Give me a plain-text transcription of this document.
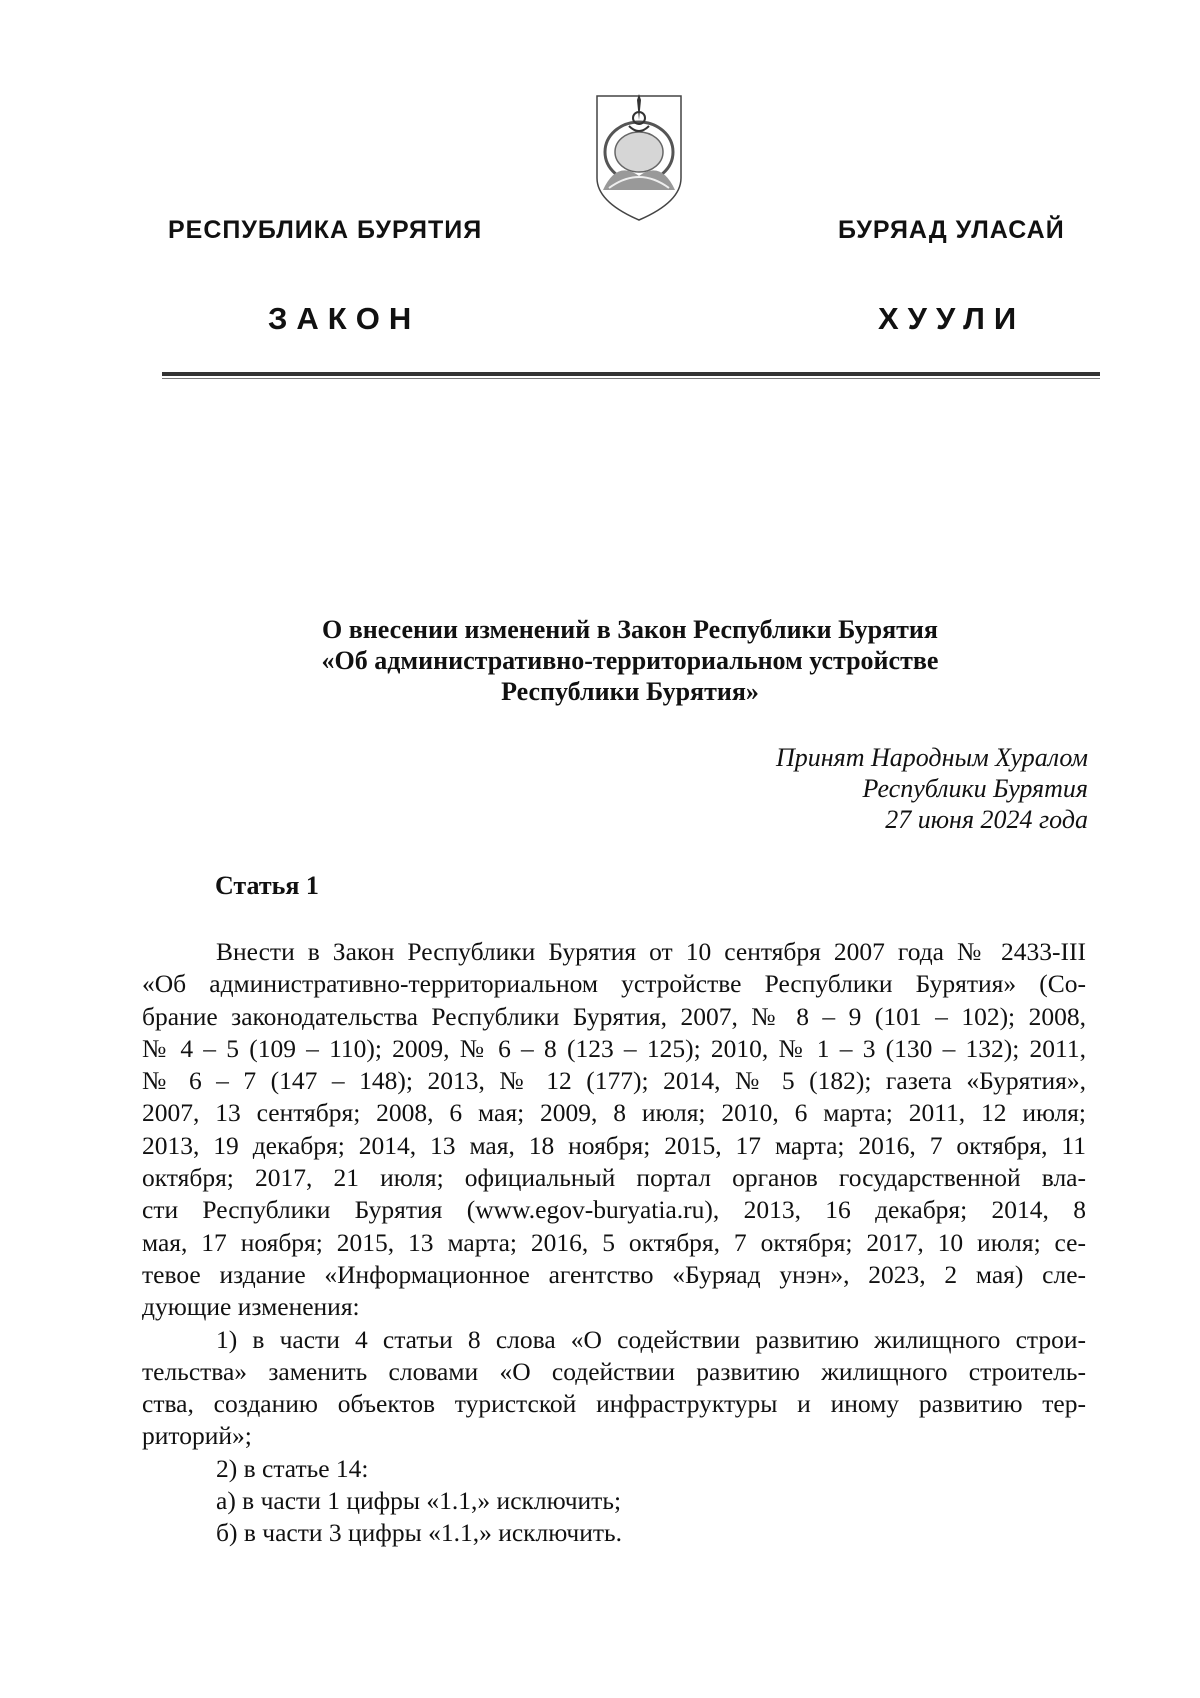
РЕСПУБЛИКА БУРЯТИЯ	БУРЯАД УЛАСАЙ
ЗАКОН	ХУУЛИ
О внесении изменений в Закон Республики Бурятия
«Об административно-территориальном устройстве
Республики Бурятия»
Принят Народным Хуралом
Республики Бурятия
27 июня 2024 года
Статья 1
Внести в Закон Республики Бурятия от 10 сентября 2007 года № 2433-III
«Об административно-территориальном устройстве Республики Бурятия» (Со-
брание законодательства Республики Бурятия, 2007, № 8 – 9 (101 – 102); 2008,
№ 4 – 5 (109 – 110); 2009, № 6 – 8 (123 – 125); 2010, № 1 – 3 (130 – 132); 2011,
№ 6 – 7 (147 – 148); 2013, № 12 (177); 2014, № 5 (182); газета «Бурятия»,
2007, 13 сентября; 2008, 6 мая; 2009, 8 июля; 2010, 6 марта; 2011, 12 июля;
2013, 19 декабря; 2014, 13 мая, 18 ноября; 2015, 17 марта; 2016, 7 октября, 11
октября; 2017, 21 июля; официальный портал органов государственной вла-
сти Республики Бурятия (www.egov-buryatia.ru), 2013, 16 декабря; 2014, 8
мая, 17 ноября; 2015, 13 марта; 2016, 5 октября, 7 октября; 2017, 10 июля; се-
тевое издание «Информационное агентство «Буряад унэн», 2023, 2 мая) сле-
дующие изменения:
1) в части 4 статьи 8 слова «О содействии развитию жилищного строи-
тельства» заменить словами «О содействии развитию жилищного строитель-
ства, созданию объектов туристской инфраструктуры и иному развитию тер-
риторий»;
2) в статье 14:
а) в части 1 цифры «1.1,» исключить;
б) в части 3 цифры «1.1,» исключить.
